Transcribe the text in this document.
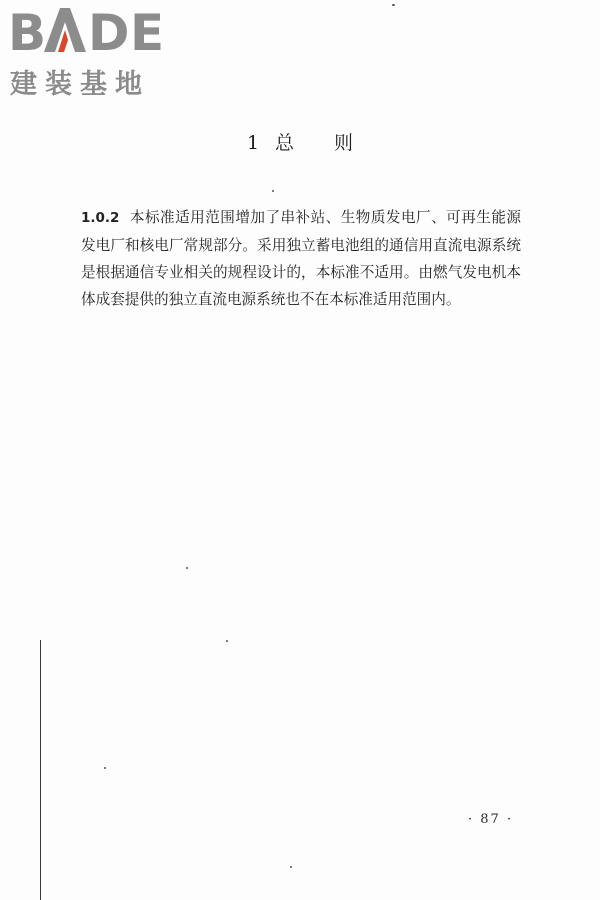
B D E
建装基地
1 总 则
1.0.2 本标准适用范围增加了串补站、生物质发电厂、可再生能源发电厂和核电厂常规部分。采用独立蓄电池组的通信用直流电源系统是根据通信专业相关的规程设计的，本标准不适用。由燃气发电机本体成套提供的独立直流电源系统也不在本标准适用范围内。
· 87 ·
